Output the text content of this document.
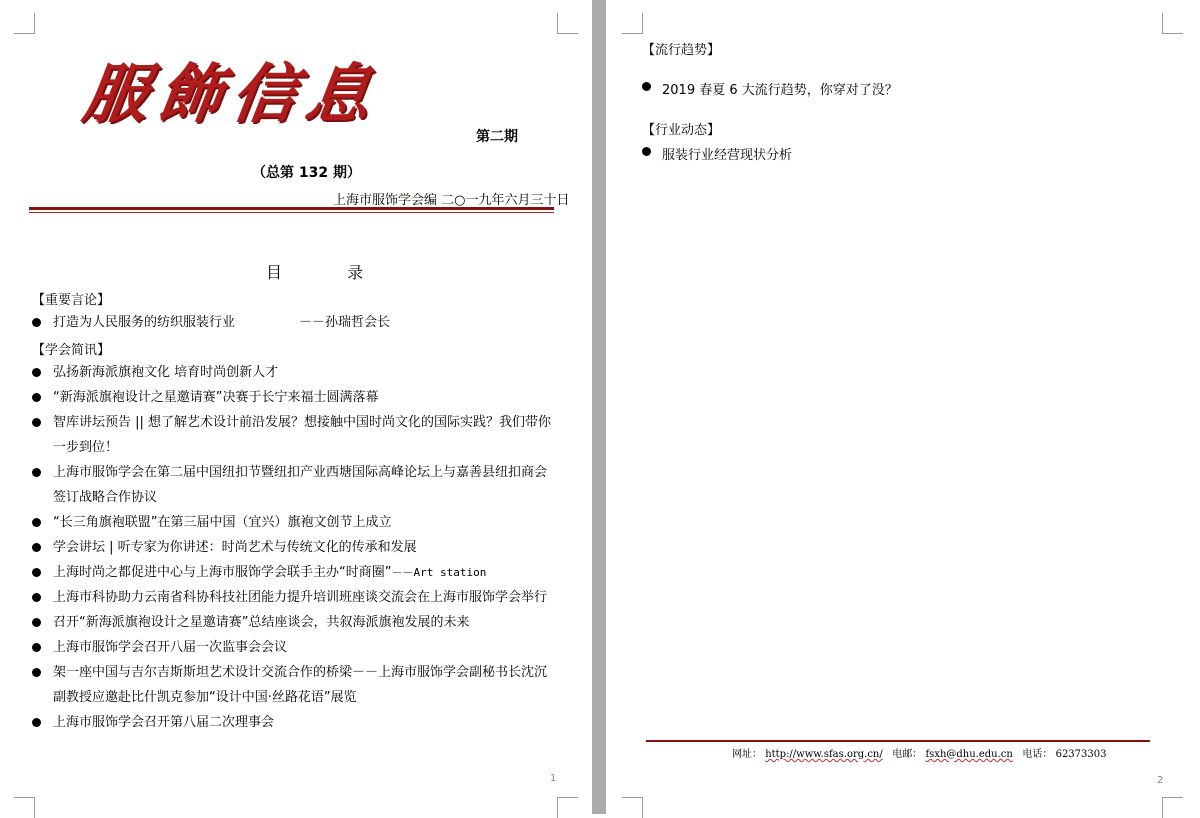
服飾信息
第二期
（总第 132 期）
上海市服饰学会编 二○一九年六月三十日
目 录
【重要言论】
打造为人民服务的纺织服装行业	－－孙瑞哲会长
【学会简讯】
弘扬新海派旗袍文化 培育时尚创新人才
“新海派旗袍设计之星邀请赛”决赛于长宁来福士圆满落幕
智库讲坛预告 || 想了解艺术设计前沿发展？想接触中国时尚文化的国际实践？我们带你一步到位！
上海市服饰学会在第二届中国纽扣节暨纽扣产业西塘国际高峰论坛上与嘉善县纽扣商会签订战略合作协议
“长三角旗袍联盟”在第三届中国（宜兴）旗袍文创节上成立
学会讲坛 | 听专家为你讲述：时尚艺术与传统文化的传承和发展
上海时尚之都促进中心与上海市服饰学会联手主办“时商圈”－－Art station
上海市科协助力云南省科协科技社团能力提升培训班座谈交流会在上海市服饰学会举行
召开“新海派旗袍设计之星邀请赛”总结座谈会，共叙海派旗袍发展的未来
上海市服饰学会召开八届一次监事会会议
架一座中国与吉尔吉斯斯坦艺术设计交流合作的桥梁－－上海市服饰学会副秘书长沈沉副教授应邀赴比什凯克参加“设计中国·丝路花语”展览
上海市服饰学会召开第八届二次理事会
1
【流行趋势】
2019 春夏 6 大流行趋势，你穿对了没？
【行业动态】
服装行业经营现状分析
网址： http://www.sfas.org.cn/ 电邮： fsxh@dhu.edu.cn 电话： 62373303
2
